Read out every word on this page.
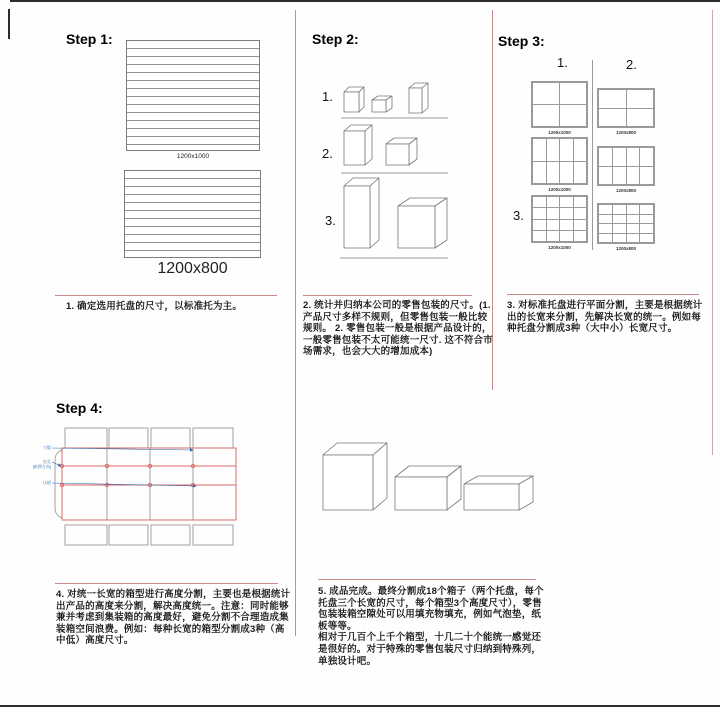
Step 1:
1200x1000
1200x800
1. 确定选用托盘的尺寸，以标准托为主。
Step 2:
1.
2.
3.
2. 统计并归纳本公司的零售包装的尺寸。(1. 产品尺寸多样不规则，但零售包装一般比较规则。 2. 零售包装一般是根据产品设计的，一般零售包装不太可能统一尺寸. 这不符合市场需求，也会大大的增加成本)
Step 3:
1.	2.
3.
1200x1000
1200x1000
1200x1000
1200x800
1200x800
1200x800
3. 对标准托盘进行平面分割，主要是根据统计出的长宽来分割，先解决长宽的统一。例如每种托盘分割成3种（大中小）长宽尺寸。
Step 4:
刀版
打孔
[纸楞方向]
压痕
4. 对统一长宽的箱型进行高度分割，主要也是根据统计出产品的高度来分割，解决高度统一。注意：同时能够兼并考虑到集装箱的高度最好，避免分割不合理造成集装箱空间浪费。例如：每种长宽的箱型分割成3种（高中低）高度尺寸。

5. 成品完成。最终分割成18个箱子（两个托盘，每个托盘三个长宽的尺寸，每个箱型3个高度尺寸），零售包装装箱空隙处可以用填充物填充，例如气泡垫，纸板等等。

相对于几百个上千个箱型，十几二十个能统一感觉还是很好的。对于特殊的零售包装尺寸归纳到特殊列，单独设计吧。
